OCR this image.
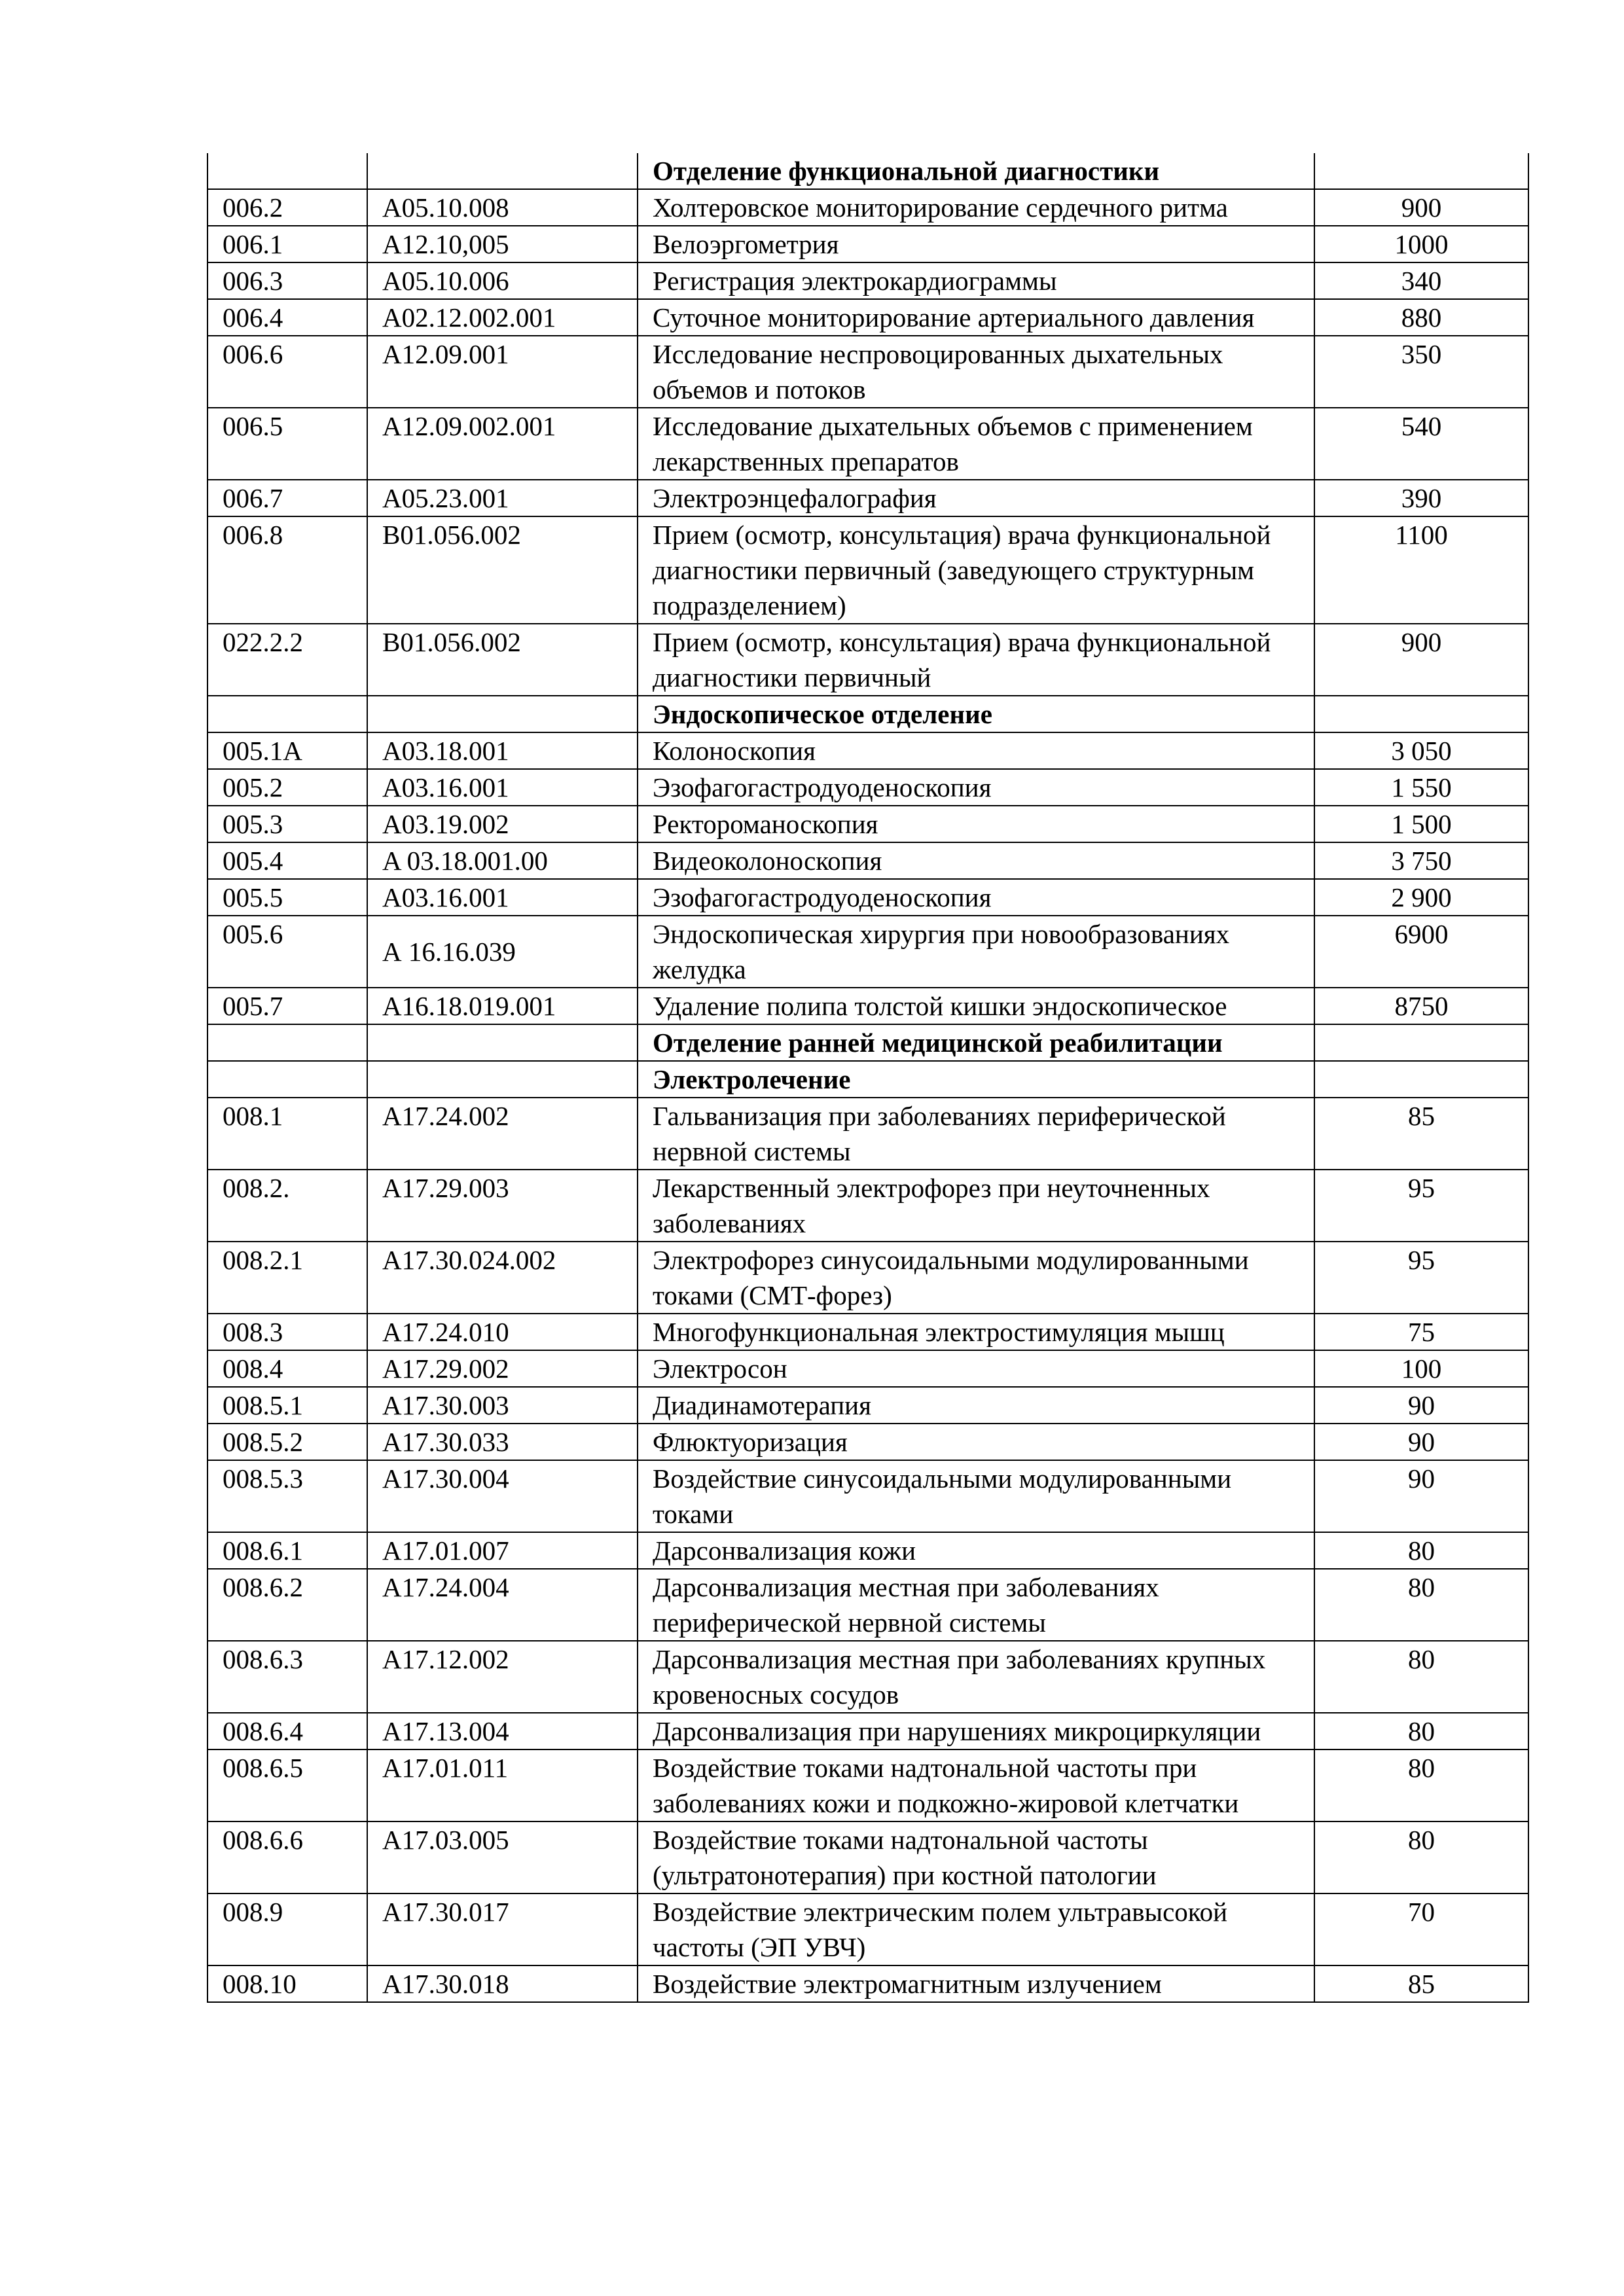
		Отделение функциональной диагностики	
006.2	A05.10.008	Холтеровское мониторирование сердечного ритма	900
006.1	A12.10,005	Велоэргометрия	1000
006.3	A05.10.006	Регистрация электрокардиограммы	340
006.4	A02.12.002.001	Суточное мониторирование артериального давления	880
006.6	A12.09.001	Исследование неспровоцированных дыхательных объемов и потоков	350
006.5	A12.09.002.001	Исследование дыхательных объемов с применением лекарственных препаратов	540
006.7	A05.23.001	Электроэнцефалография	390
006.8	B01.056.002	Прием (осмотр, консультация) врача функциональной диагностики первичный (заведующего структурным подразделением)	1100
022.2.2	B01.056.002	Прием (осмотр, консультация) врача функциональной диагностики первичный	900
		Эндоскопическое отделение	
005.1А	A03.18.001	Колоноскопия	3 050
005.2	A03.16.001	Эзофагогастродуоденоскопия	1 550
005.3	A03.19.002	Ректороманоскопия	1 500
005.4	A 03.18.001.00	Видеоколоноскопия	3 750
005.5	A03.16.001	Эзофагогастродуоденоскопия	2 900
005.6	А 16.16.039	Эндоскопическая хирургия при новообразованиях желудка	6900
005.7	А16.18.019.001	Удаление полипа толстой кишки эндоскопическое	8750
		Отделение ранней медицинской реабилитации	
		Электролечение	
008.1	A17.24.002	Гальванизация при заболеваниях периферической нервной системы	85
008.2.	A17.29.003	Лекарственный электрофорез при неуточненных заболеваниях	95
008.2.1	A17.30.024.002	Электрофорез синусоидальными модулированными токами (СМТ-форез)	95
008.3	A17.24.010	Многофункциональная электростимуляция мышц	75
008.4	A17.29.002	Электросон	100
008.5.1	A17.30.003	Диадинамотерапия	90
008.5.2	A17.30.033	Флюктуоризация	90
008.5.3	A17.30.004	Воздействие синусоидальными модулированными токами	90
008.6.1	A17.01.007	Дарсонвализация кожи	80
008.6.2	A17.24.004	Дарсонвализация местная при заболеваниях периферической нервной системы	80
008.6.3	A17.12.002	Дарсонвализация местная при заболеваниях крупных кровеносных сосудов	80
008.6.4	A17.13.004	Дарсонвализация при нарушениях микроциркуляции	80
008.6.5	A17.01.011	Воздействие токами надтональной частоты при заболеваниях кожи и подкожно-жировой клетчатки	80
008.6.6	A17.03.005	Воздействие токами надтональной частоты (ультратонотерапия) при костной патологии	80
008.9	A17.30.017	Воздействие электрическим полем ультравысокой частоты (ЭП УВЧ)	70
008.10	A17.30.018	Воздействие электромагнитным излучением	85
